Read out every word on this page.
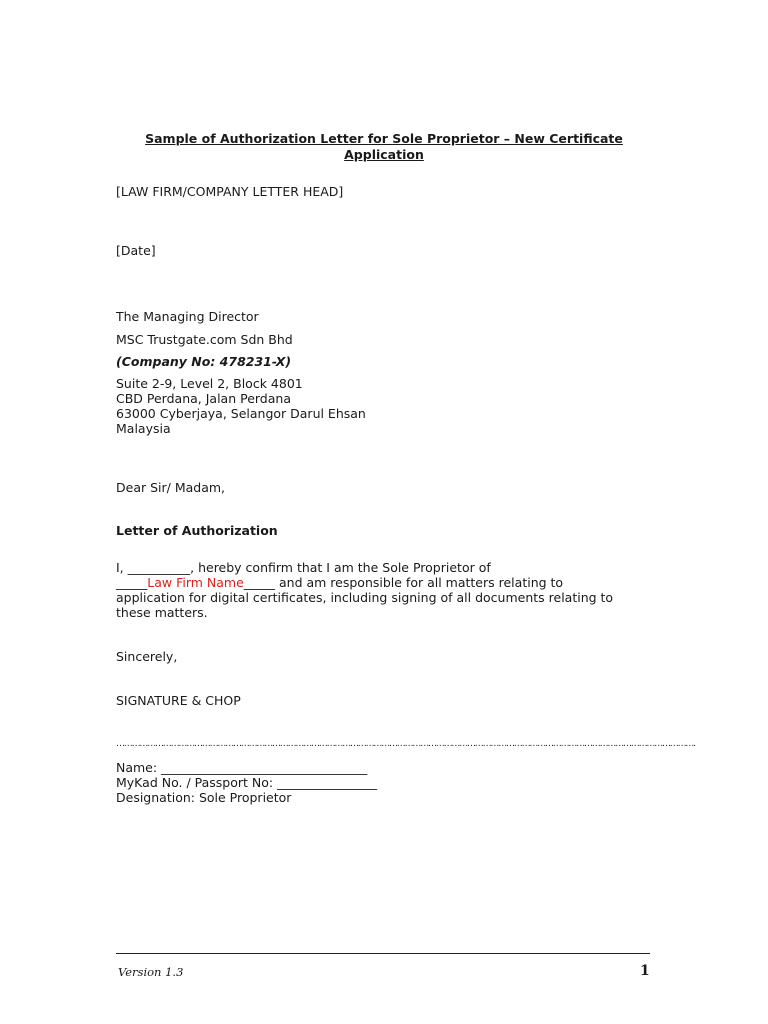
Sample of Authorization Letter for Sole Proprietor – New Certificate Application
[LAW FIRM/COMPANY LETTER HEAD]
[Date]
The Managing Director
MSC Trustgate.com Sdn Bhd
(Company No: 478231-X)
Suite 2-9, Level 2, Block 4801
CBD Perdana, Jalan Perdana
63000 Cyberjaya, Selangor Darul Ehsan
Malaysia
Dear Sir/ Madam,
Letter of Authorization
I, __________, hereby confirm that I am the Sole Proprietor of
_____Law Firm Name_____ and am responsible for all matters relating to
application for digital certificates, including signing of all documents relating to
these matters.
Sincerely,
SIGNATURE & CHOP
…………………………………………………………………………………………………………………………………………………………………………………………………….
Name: _________________________________
MyKad No. / Passport No: ________________
Designation: Sole Proprietor
Version 1.3	1
